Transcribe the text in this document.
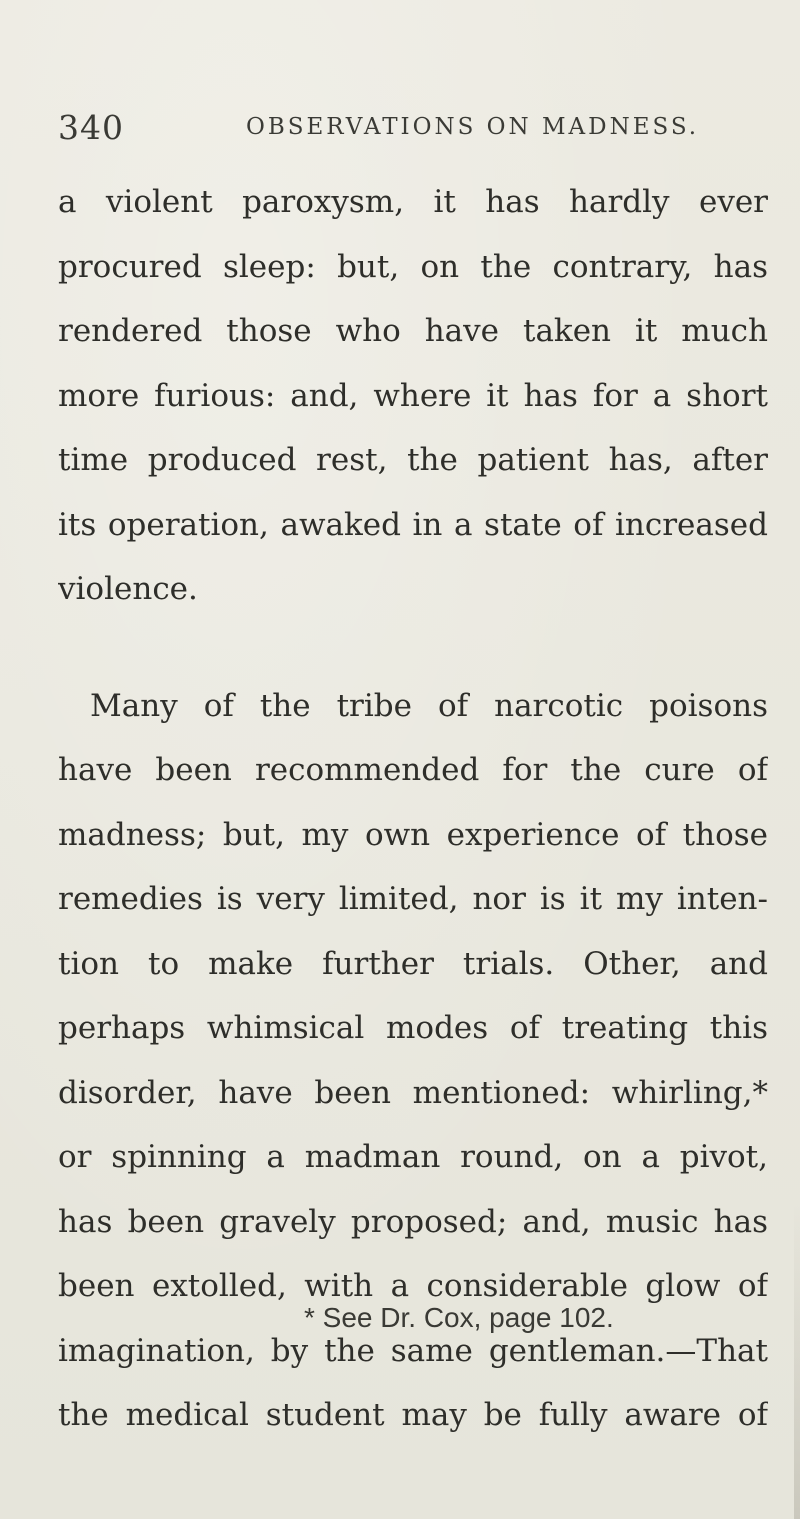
340	OBSERVATIONS ON MADNESS.
a violent paroxysm, it has hardly ever
procured sleep: but, on the contrary, has
rendered those who have taken it much
more furious: and, where it has for a short
time produced rest, the patient has, after
its operation, awaked in a state of increased
violence.
Many of the tribe of narcotic poisons
have been recommended for the cure of
madness; but, my own experience of those
remedies is very limited, nor is it my inten-
tion to make further trials. Other, and
perhaps whimsical modes of treating this
disorder, have been mentioned: whirling,*
or spinning a madman round, on a pivot,
has been gravely proposed; and, music has
been extolled, with a considerable glow of
imagination, by the same gentleman.—That
the medical student may be fully aware of
* See Dr. Cox, page 102.
